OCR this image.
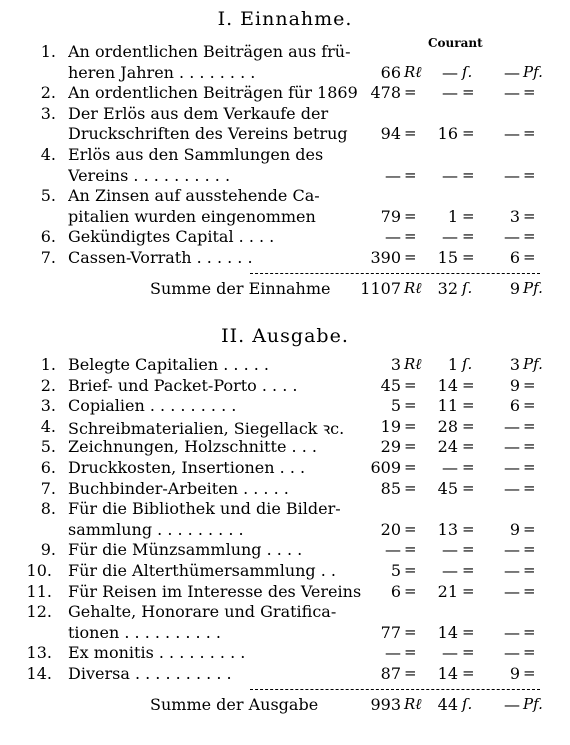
I. Einnahme.
Courant
1. An ordentlichen Beiträgen aus frü-
heren Jahren . . . . . . . .	66 Rℓ	— ſ.	— Pf.
2. An ordentlichen Beiträgen für 1869 478 =	— =	— =
3. Der Erlös aus dem Verkaufe der
Druckschriften des Vereins betrug	94 =	16 =	— =
4. Erlös aus den Sammlungen des
Vereins . . . . . . . . . .	— =	— =	— =
5. An Zinsen auf ausstehende Ca-
pitalien wurden eingenommen	79 =	1 =	3 =
6. Gekündigtes Capital . . . .	— =	— =	— =
7. Cassen-Vorrath . . . . . .	390 =	15 =	6 =
Summe der Einnahme	1107 Rℓ	32 ſ.	9 Pf.
II. Ausgabe.
1. Belegte Capitalien . . . . .	3 Rℓ	1 ſ.	3 Pf.
2. Brief- und Packet-Porto . . . .	45 =	14 =	9 =
3. Copialien . . . . . . . . .	5 =	11 =	6 =
4. Schreibmaterialien, Siegellack ꝛc.	19 =	28 =	— =
5. Zeichnungen, Holzschnitte . . .	29 =	24 =	— =
6. Druckkosten, Insertionen . . .	609 =	— =	— =
7. Buchbinder-Arbeiten . . . . .	85 =	45 =	— =
8. Für die Bibliothek und die Bilder-
sammlung . . . . . . . . .	20 =	13 =	9 =
9. Für die Münzsammlung . . . .	— =	— =	— =
10. Für die Alterthümersammlung . .	5 =	— =	— =
11. Für Reisen im Interesse des Vereins	6 =	21 =	— =
12. Gehalte, Honorare und Gratifica-
tionen . . . . . . . . . .	77 =	14 =	— =
13. Ex monitis . . . . . . . . .	— =	— =	— =
14. Diversa . . . . . . . . . .	87 =	14 =	9 =
Summe der Ausgabe	993 Rℓ	44 ſ.	— Pf.
